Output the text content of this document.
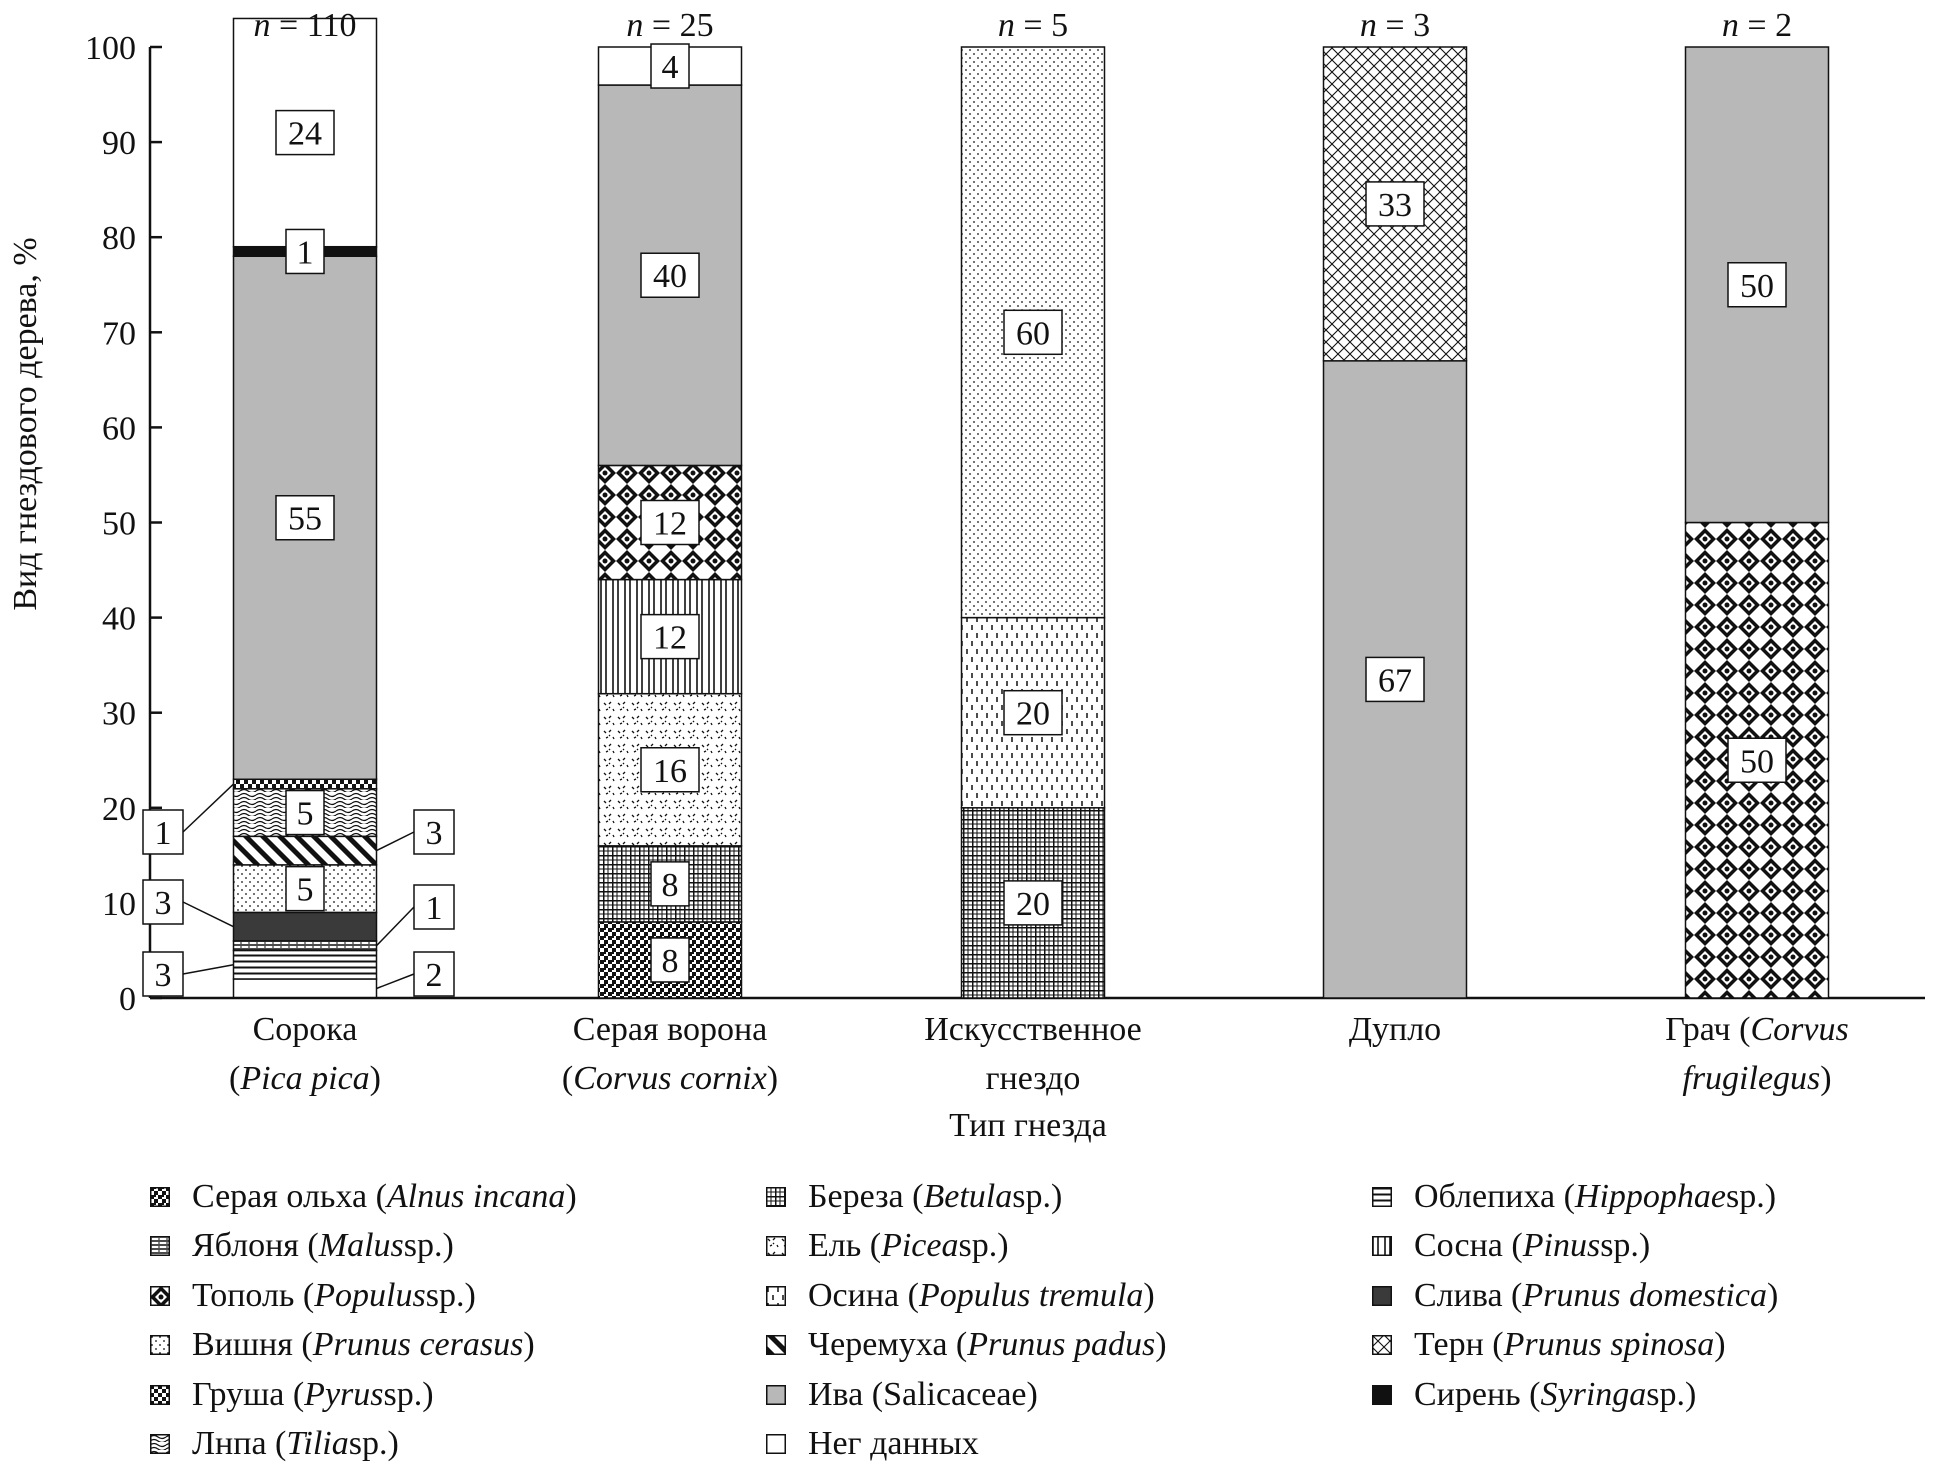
Вид гнездового дерева, %
Тип гнезда
0
10
20
30
40
50
60
70
80
90
100
2
3
1
3
3
1
5
5
55
1
24
8
8
16
12
12
40
4
20
20
60
67
33
50
50
Сорока
(Pica pica)
Серая ворона
(Corvus cornix)
Искусственное
гнездо
Дупло	Грач (Corvus
frugilegus)
n = 110	n = 25	n = 5	n = 3	n = 2
Серая ольха ( Alnus incana )	Береза ( Betula sp.)	Облепиха ( Hippophae sp.)
Яблоня ( Malus sp.)	Ель ( Picea sp.)	Сосна ( Pinus sp.)
Тополь ( Populus sp.)	Осина ( Populus tremula )	Слива ( Prunus domestica )
Вишня ( Prunus cerasus )	Черемуха ( Prunus padus )	Терн ( Prunus spinosa )
Груша ( Pyrus sp.)	Ива (Salicaceae)	Сирень ( Syringa sp.)
Лнпа ( Tilia sp.)	Нег данных
